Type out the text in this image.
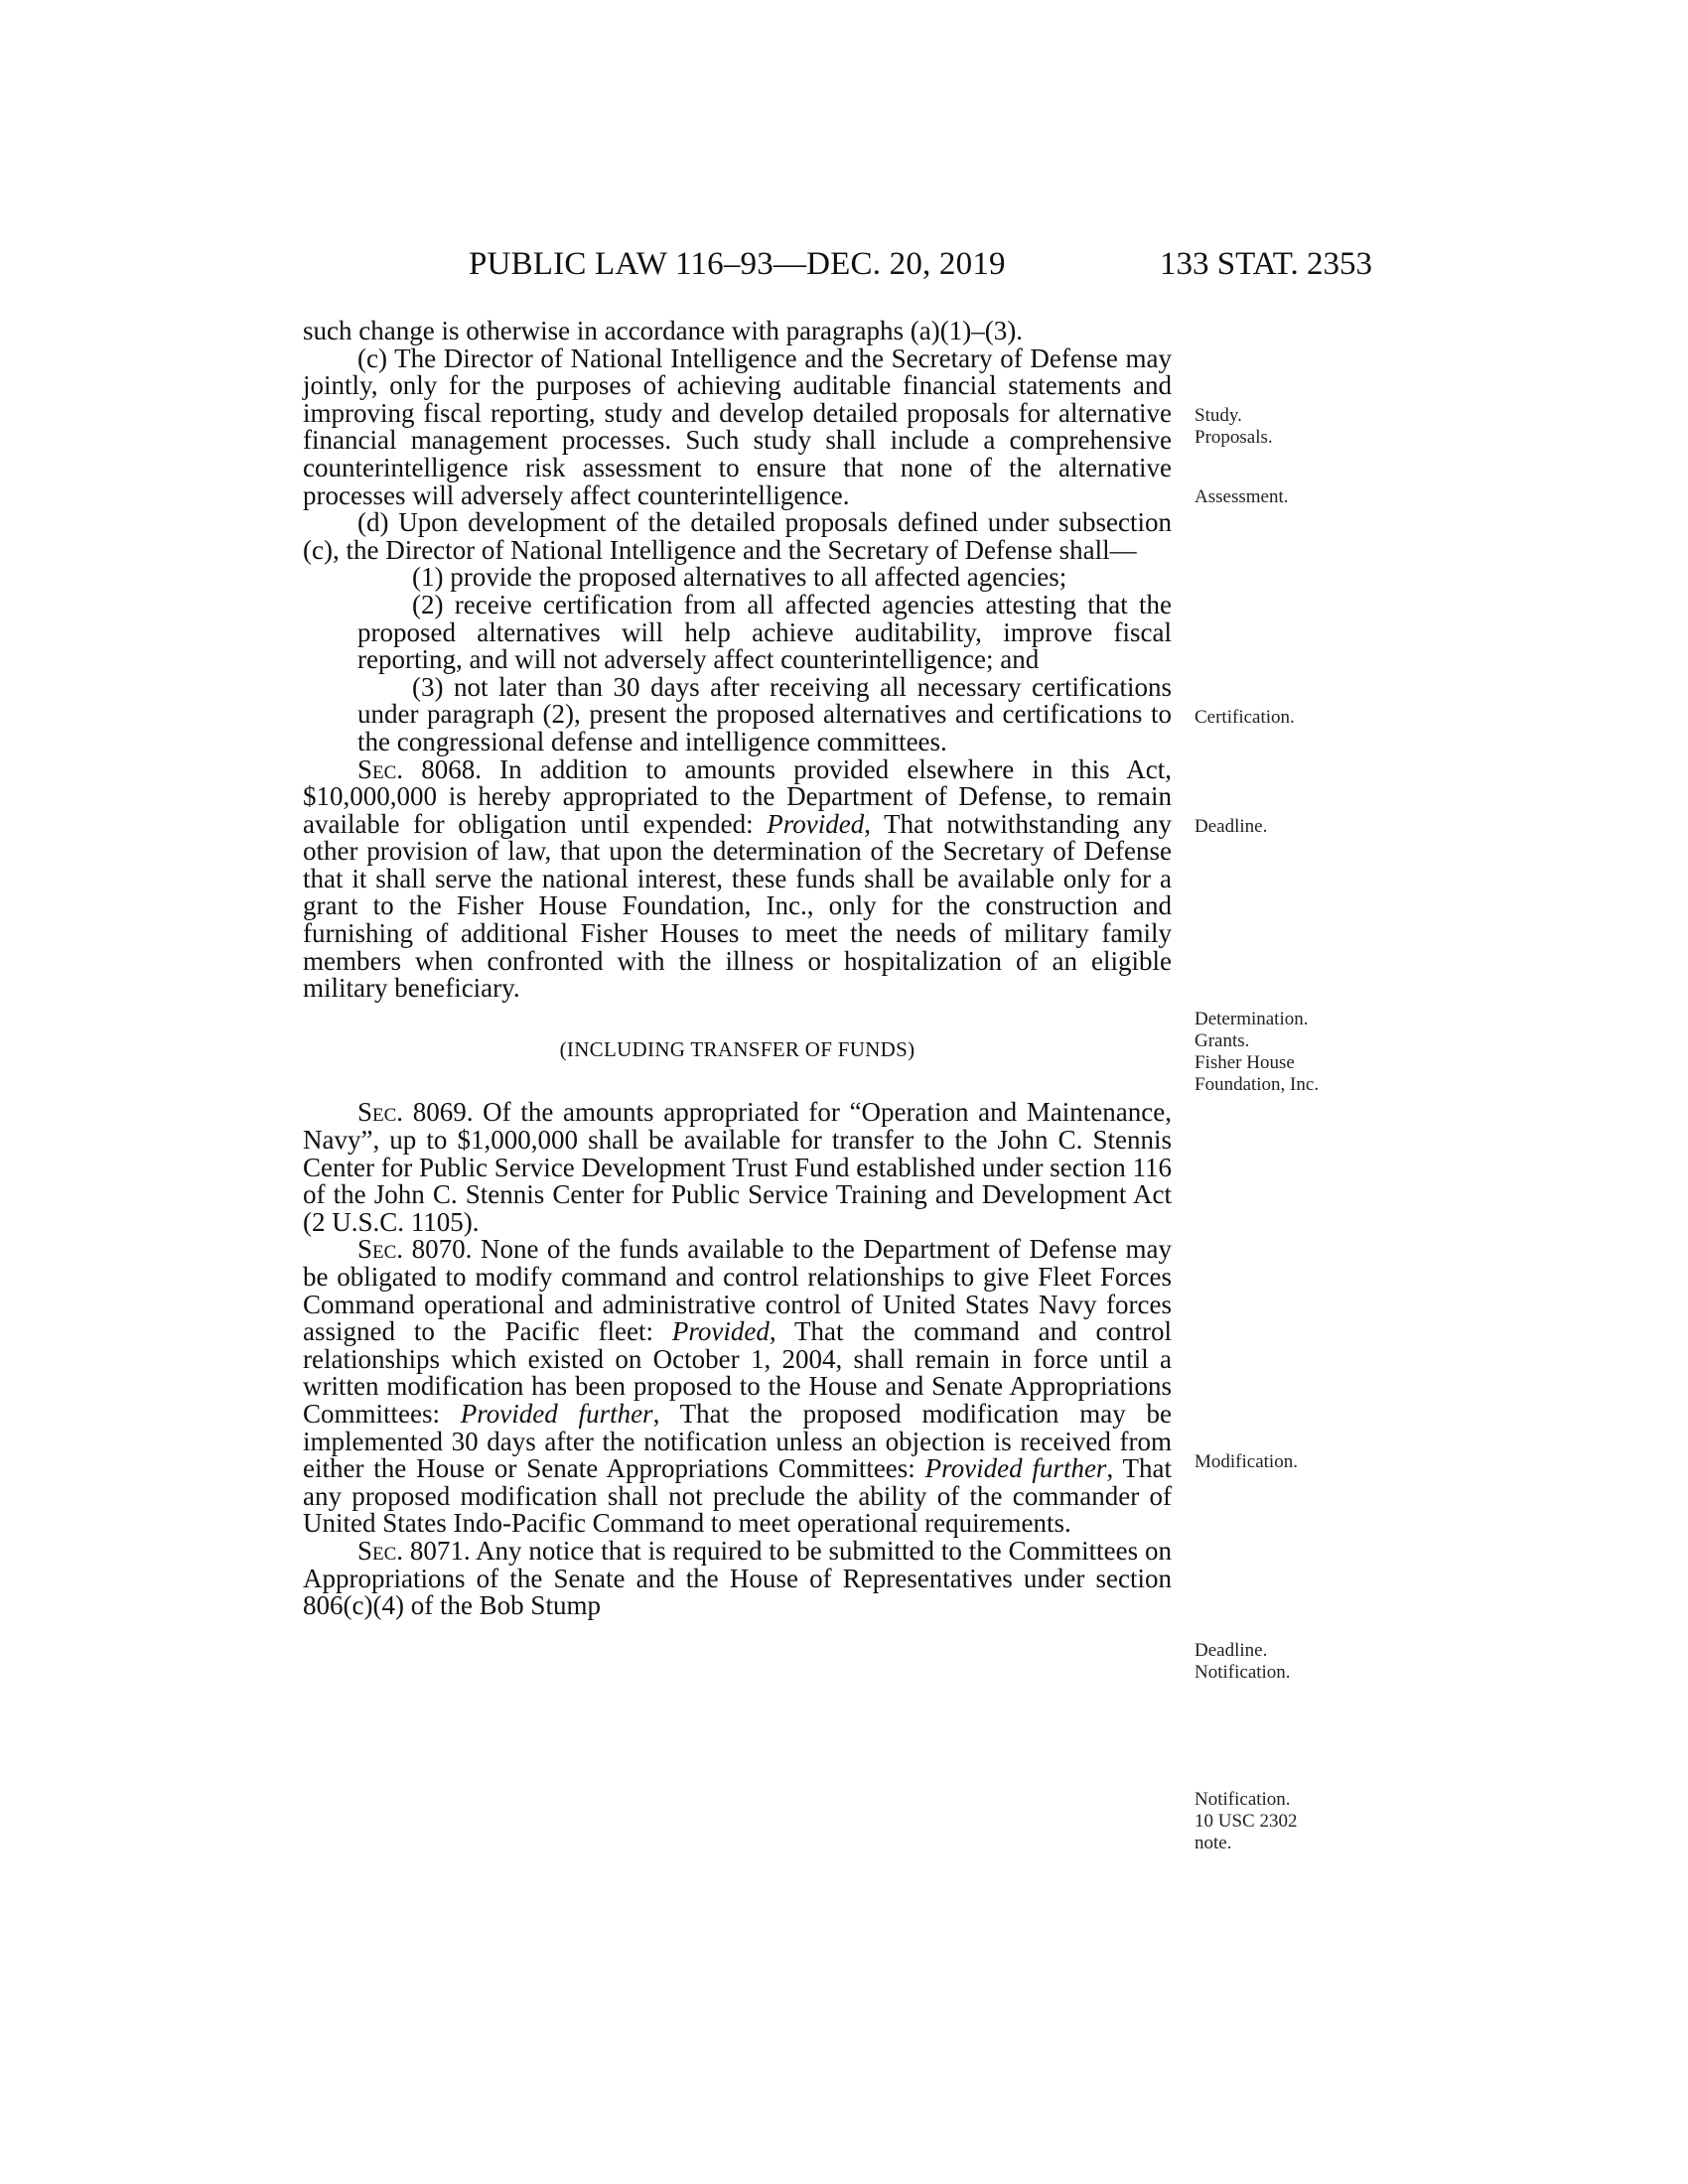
PUBLIC LAW 116–93—DEC. 20, 2019	133 STAT. 2353

such change is otherwise in accordance with paragraphs (a)(1)–(3).

(c) The Director of National Intelligence and the Secretary of Defense may jointly, only for the purposes of achieving auditable financial statements and improving fiscal reporting, study and develop detailed proposals for alternative financial management processes. Such study shall include a comprehensive counterintelligence risk assessment to ensure that none of the alternative processes will adversely affect counterintelligence.

(d) Upon development of the detailed proposals defined under subsection (c), the Director of National Intelligence and the Secretary of Defense shall—

(1) provide the proposed alternatives to all affected agencies;

(2) receive certification from all affected agencies attesting that the proposed alternatives will help achieve auditability, improve fiscal reporting, and will not adversely affect counterintelligence; and

(3) not later than 30 days after receiving all necessary certifications under paragraph (2), present the proposed alternatives and certifications to the congressional defense and intelligence committees.

Sec. 8068. In addition to amounts provided elsewhere in this Act, $10,000,000 is hereby appropriated to the Department of Defense, to remain available for obligation until expended: Provided, That notwithstanding any other provision of law, that upon the determination of the Secretary of Defense that it shall serve the national interest, these funds shall be available only for a grant to the Fisher House Foundation, Inc., only for the construction and furnishing of additional Fisher Houses to meet the needs of military family members when confronted with the illness or hospitalization of an eligible military beneficiary.

(INCLUDING TRANSFER OF FUNDS)

Sec. 8069. Of the amounts appropriated for “Operation and Maintenance, Navy”, up to $1,000,000 shall be available for transfer to the John C. Stennis Center for Public Service Development Trust Fund established under section 116 of the John C. Stennis Center for Public Service Training and Development Act (2 U.S.C. 1105).

Sec. 8070. None of the funds available to the Department of Defense may be obligated to modify command and control relationships to give Fleet Forces Command operational and administrative control of United States Navy forces assigned to the Pacific fleet: Provided, That the command and control relationships which existed on October 1, 2004, shall remain in force until a written modification has been proposed to the House and Senate Appropriations Committees: Provided further, That the proposed modification may be implemented 30 days after the notification unless an objection is received from either the House or Senate Appropriations Committees: Provided further, That any proposed modification shall not preclude the ability of the commander of United States Indo-Pacific Command to meet operational requirements.

Sec. 8071. Any notice that is required to be submitted to the Committees on Appropriations of the Senate and the House of Representatives under section 806(c)(4) of the Bob Stump

Study.
Proposals.
Assessment.
Certification.
Deadline.
Determination.
Grants.
Fisher House
Foundation, Inc.
Modification.
Deadline.
Notification.
Notification.
10 USC 2302
note.
